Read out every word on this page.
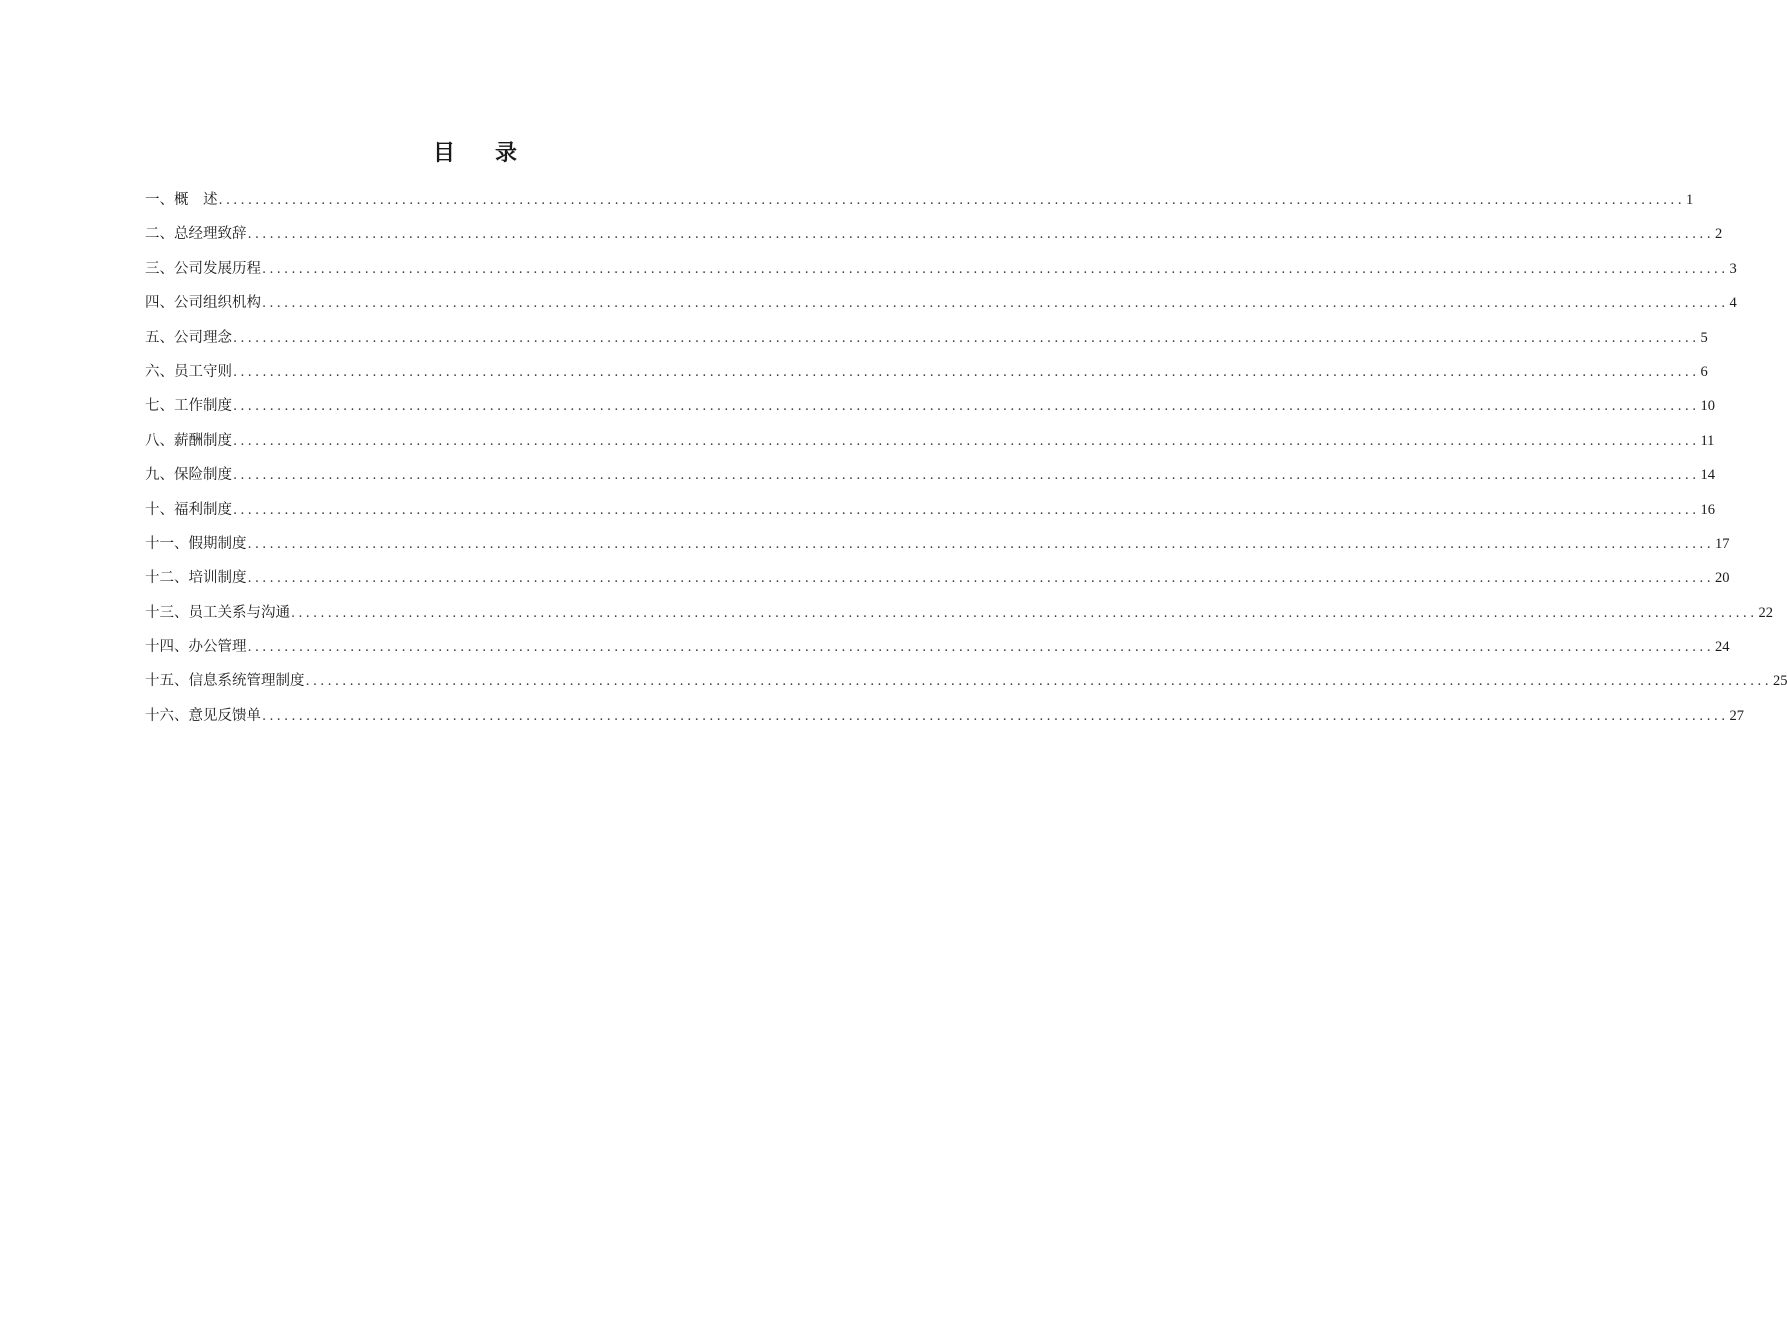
目 录
一、概　述 ........................................................................................................................................................................................................ 1
二、总经理致辞 ........................................................................................................................................................................................................ 2
三、公司发展历程 ........................................................................................................................................................................................................ 3
四、公司组织机构 ........................................................................................................................................................................................................ 4
五、公司理念 ........................................................................................................................................................................................................ 5
六、员工守则 ........................................................................................................................................................................................................ 6
七、工作制度 ........................................................................................................................................................................................................ 10
八、薪酬制度 ........................................................................................................................................................................................................ 11
九、保险制度 ........................................................................................................................................................................................................ 14
十、福利制度 ........................................................................................................................................................................................................ 16
十一、假期制度 ........................................................................................................................................................................................................ 17
十二、培训制度 ........................................................................................................................................................................................................ 20
十三、员工关系与沟通 ........................................................................................................................................................................................................ 22
十四、办公管理 ........................................................................................................................................................................................................ 24
十五、信息系统管理制度 ........................................................................................................................................................................................................ 25
十六、意见反馈单 ........................................................................................................................................................................................................ 27
